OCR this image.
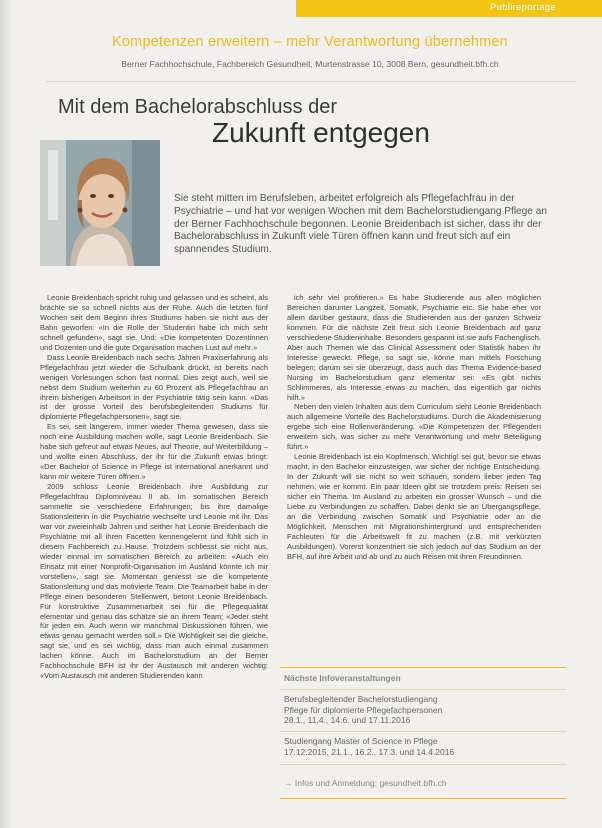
Publireportage
Kompetenzen erweitern – mehr Verantwortung übernehmen
Berner Fachhochschule, Fachbereich Gesundheit, Murtenstrasse 10, 3008 Bern, gesundheit.bfh.ch
Mit dem Bachelorabschluss der
Zukunft entgegen
Sie steht mitten im Berufsleben, arbeitet erfolgreich als Pflegefachfrau in der Psychiatrie – und hat vor wenigen Wochen mit dem Bachelorstudiengang Pflege an der Berner Fachhochschule begonnen. Leonie Breidenbach ist sicher, dass ihr der Bachelorabschluss in Zukunft viele Türen öffnen kann und freut sich auf ein spannendes Studium.

Leonie Breidenbach spricht ruhig und gelassen und es scheint, als brächte sie so schnell nichts aus der Ruhe. Auch die letzten fünf Wochen seit dem Beginn ihres Studiums haben sie nicht aus der Bahn geworfen: «In die Rolle der Studentin habe ich mich sehr schnell gefunden», sagt sie. Und: «Die kompetenten Dozentinnen und Dozenten und die gute Organisation machen Lust auf mehr.»

Dass Leonie Breidenbach nach sechs Jahren Praxiserfahrung als Pflegefachfrau jetzt wieder die Schulbank drückt, ist bereits nach wenigen Vorlesungen schon fast normal. Dies zeigt auch, weil sie nebst dem Studium weiterhin zu 60 Prozent als Pflegefachfrau an ihrem bisherigen Arbeitsort in der Psychiatrie tätig sein kann. «Das ist der grosse Vorteil des berufsbegleitenden Studiums für diplomierte Pflegefachpersonen», sagt sie.

Es sei, seit längerem, immer wieder Thema gewesen, dass sie noch eine Ausbildung machen wolle, sagt Leonie Breidenbach. Sie habe sich gefreut auf etwas Neues, auf Theorie, auf Weiterbildung – und wollte einen Abschluss, der ihr für die Zukunft etwas bringt: «Der Bachelor of Science in Pflege ist international anerkannt und kann mir weitere Türen öffnen.»

2009 schloss Leonie Breidenbach ihre Ausbildung zur Pflegefachfrau Diplomniveau II ab. Im somatischen Bereich sammelte sie verschiedene Erfahrungen; bis ihre damalige Stationsleiterin in die Psychiatrie wechselte und Leonie mit ihr. Das war vor zweieinhalb Jahren und seither hat Leonie Breidenbach die Psychiatrie mit all ihren Facetten kennengelernt und fühlt sich in diesem Fachbereich zu Hause. Trotzdem schliesst sie nicht aus, wieder einmal im somatischen Bereich zu arbeiten: «Auch ein Einsatz mit einer Nonprofit-Organisation im Ausland könnte ich mir vorstellen», sagt sie. Momentan geniesst sie die kompetente Stationsleitung und das motivierte Team. Die Teamarbeit habe in der Pflege einen besonderen Stellenwert, betont Leonie Breidenbach. Für konstruktive Zusammenarbeit sei für die Pflegequalität elementar und genau das schätze sie an ihrem Team; «Jeder steht für jeden ein. Auch wenn wir manchmal Diskussionen führen, wie etwas genau gemacht werden soll.» Die Wichtigkeit sei die gleiche, sagt sie, und es sei wichtig, dass man auch einmal zusammen lachen könne. Auch im Bachelorstudium an der Berner Fachhochschule BFH ist ihr der Austausch mit anderen wichtig: «Vom Austausch mit anderen Studierenden kann

ich sehr viel profitieren.» Es habe Studierende aus allen möglichen Bereichen darunter Langzeit, Somatik, Psychiatrie etc. Sie habe eher vor allem darüber gestaunt, dass die Studierenden aus der ganzen Schweiz kommen. Für die nächste Zeit freut sich Leonie Breidenbach auf ganz verschiedene Studieninhalte. Besonders gespannt ist sie aufs Fachenglisch. Aber auch Themen wie das Clinical Assessment oder Statistik haben ihr Interesse geweckt. Pflege, so sagt sie, könne man mittels Forschung belegen; darum sei sie überzeugt, dass auch das Thema Evidence-based Nursing im Bachelorstudium ganz elementar sei: «Es gibt nichts Schlimmeres, als Interesse etwas zu machen, das eigentlich gar nichts hilft.»

Neben den vielen Inhalten aus dem Curriculum sieht Leonie Breidenbach auch allgemeine Vorteile des Bachelorstudiums. Durch die Akademisierung ergebe sich eine Rollenveränderung. «Die Kompetenzen der Pflegenden erweitern sich, was sicher zu mehr Verantwortung und mehr Beteiligung führt.»

Leonie Breidenbach ist ein Kopfmensch. Wichtig! sei gut, bevor sie etwas macht, in den Bachelor einzusteigen, war sicher der richtige Entscheidung. In der Zukunft will sie nicht so weit schauen, sondern lieber jeden Tag nehmen, wie er kommt. Ein paar Ideen gibt sie trotzdem preis: Reisen sei sicher ein Thema. Im Ausland zu arbeiten ein grosser Wunsch – und die Liebe zu Verbindungen zu schaffen. Dabei denkt sie an Übergangspflege, an die Verbindung zwischen Somatik und Psychiatrie oder an die Möglichkeit, Menschen mit Migrationshintergrund und entsprechenden Fachleuten für die Arbeitswelt fit zu machen (z.B. mit verkürzten Ausbildungen). Vorerst konzentriert sie sich jedoch auf das Studium an der BFH, auf ihre Arbeit und ab und zu auch Reisen mit ihren Freundinnen.

Nächste Infoveranstaltungen
Berufsbegleitender Bachelorstudiengang
Pflege für diplomierte Pflegefachpersonen
28.1., 11.4., 14.6. und 17.11.2016
Studiengang Master of Science in Pflege
17.12.2015, 21.1., 16.2., 17.3. und 14.4.2016
→ Infos und Anmeldung: gesundheit.bfh.ch
